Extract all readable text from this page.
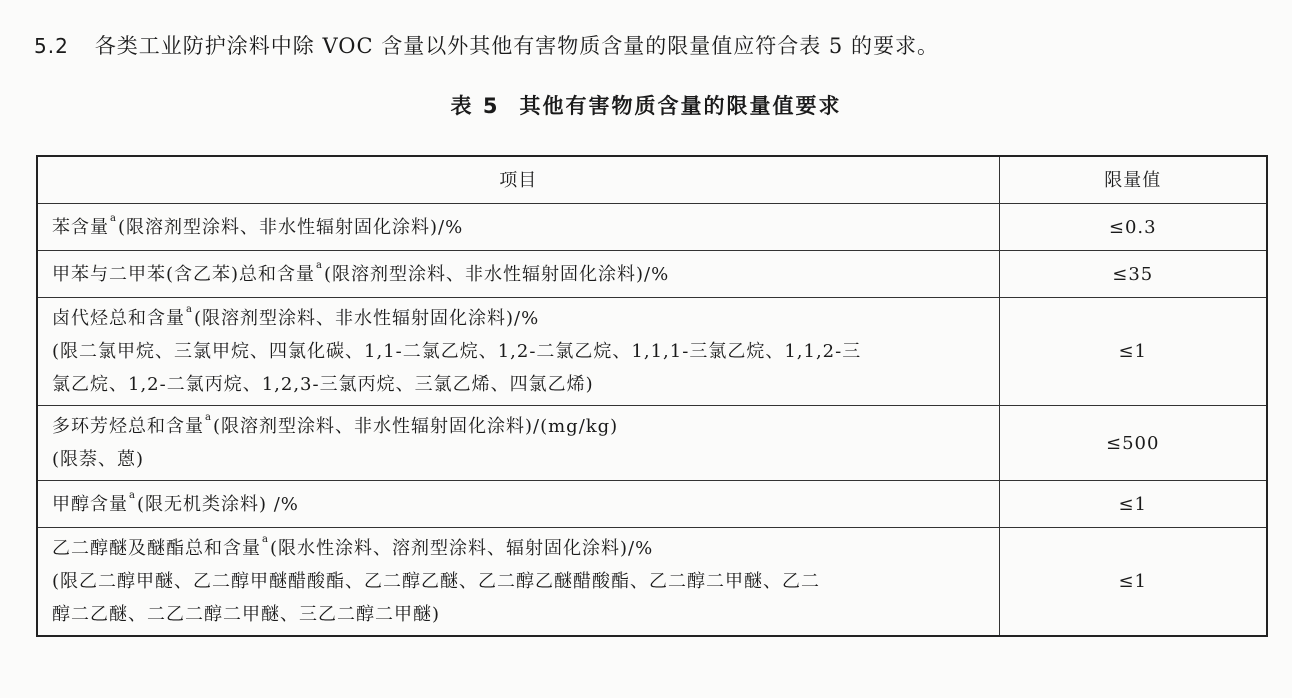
5.2 各类工业防护涂料中除 VOC 含量以外其他有害物质含量的限量值应符合表 5 的要求。
表 5 其他有害物质含量的限量值要求
项目	限量值

苯含量$^a$(限溶剂型涂料、非水性辐射固化涂料)/%	≤0.3

甲苯与二甲苯(含乙苯)总和含量$^a$(限溶剂型涂料、非水性辐射固化涂料)/%	≤35

卤代烃总和含量$^a$(限溶剂型涂料、非水性辐射固化涂料)/%
(限二氯甲烷、三氯甲烷、四氯化碳、1,1-二氯乙烷、1,2-二氯乙烷、1,1,1-三氯乙烷、1,1,2-三
氯乙烷、1,2-二氯丙烷、1,2,3-三氯丙烷、三氯乙烯、四氯乙烯)	≤1

多环芳烃总和含量$^a$(限溶剂型涂料、非水性辐射固化涂料)/(mg/kg)
(限萘、蒽)	≤500

甲醇含量$^a$(限无机类涂料) /%	≤1

乙二醇醚及醚酯总和含量$^a$(限水性涂料、溶剂型涂料、辐射固化涂料)/%
(限乙二醇甲醚、乙二醇甲醚醋酸酯、乙二醇乙醚、乙二醇乙醚醋酸酯、乙二醇二甲醚、乙二
醇二乙醚、二乙二醇二甲醚、三乙二醇二甲醚)	≤1
